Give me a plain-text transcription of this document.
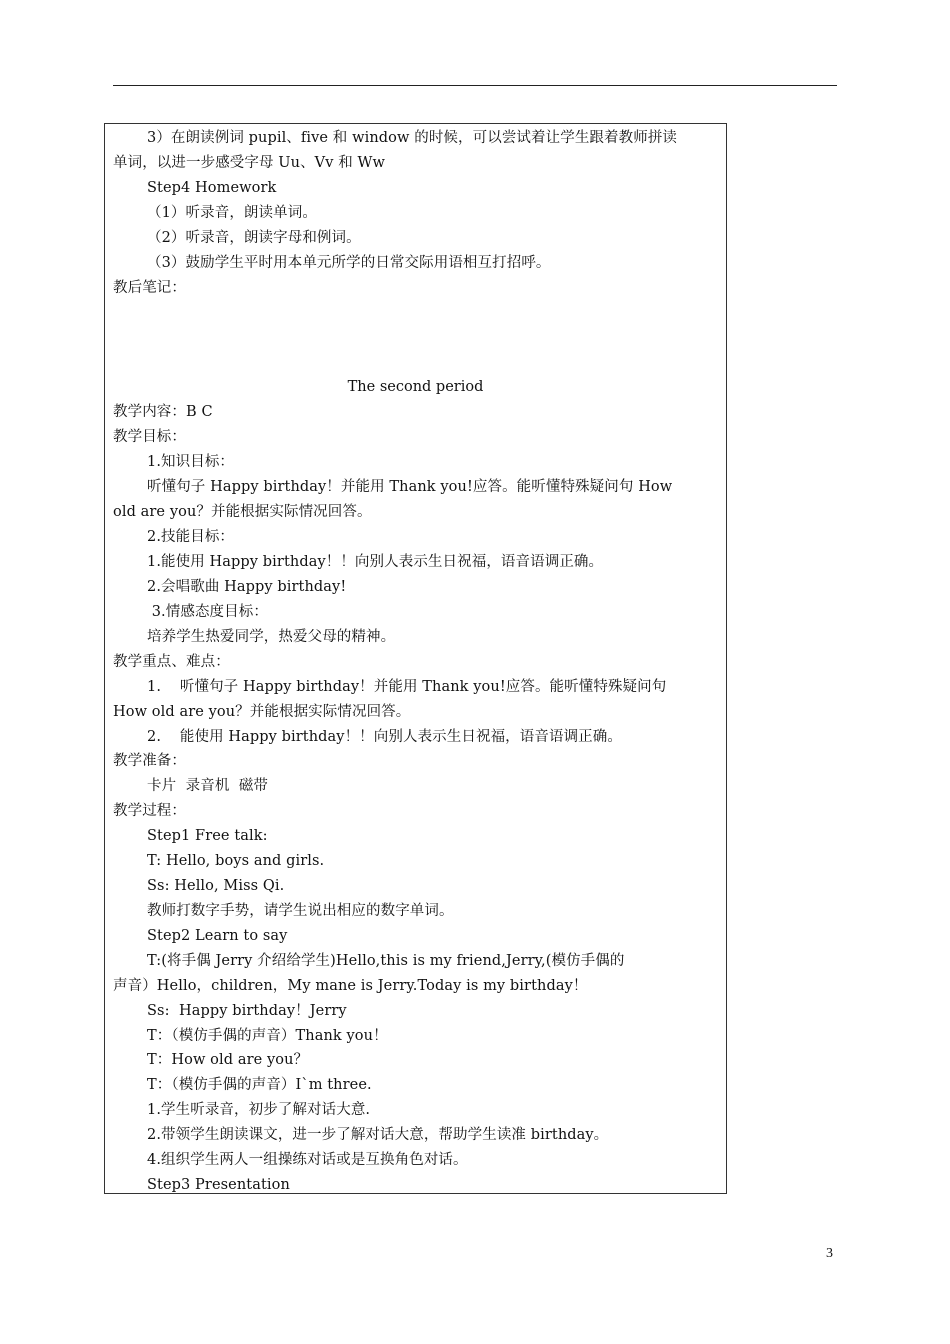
3）在朗读例词 pupil、five 和 window 的时候，可以尝试着让学生跟着教师拼读
单词，以进一步感受字母 Uu、Vv 和 Ww
Step4 Homework
（1）听录音，朗读单词。
（2）听录音，朗读字母和例词。
（3）鼓励学生平时用本单元所学的日常交际用语相互打招呼。
教后笔记：
The second period
教学内容：B C
教学目标：
1.知识目标：
听懂句子 Happy birthday！并能用 Thank you!应答。能听懂特殊疑问句 How
old are you？并能根据实际情况回答。
2.技能目标：
1.能使用 Happy birthday！！向别人表示生日祝福，语音语调正确。
2.会唱歌曲 Happy birthday!
3.情感态度目标：
培养学生热爱同学，热爱父母的精神。
教学重点、难点：
1.    听懂句子 Happy birthday！并能用 Thank you!应答。能听懂特殊疑问句
How old are you？并能根据实际情况回答。
2.    能使用 Happy birthday！！向别人表示生日祝福，语音语调正确。
教学准备：
卡片  录音机  磁带
教学过程：
Step1 Free talk:
T: Hello, boys and girls.
Ss: Hello, Miss Qi.
教师打数字手势，请学生说出相应的数字单词。
Step2 Learn to say
T:(将手偶 Jerry 介绍给学生)Hello,this is my friend,Jerry,(模仿手偶的
声音）Hello，children，My mane is Jerry.Today is my birthday！
Ss:  Happy birthday！Jerry
T：（模仿手偶的声音）Thank you！
T：How old are you？
T：（模仿手偶的声音）I`m three.
1.学生听录音，初步了解对话大意.
2.带领学生朗读课文，进一步了解对话大意，帮助学生读准 birthday。
4.组织学生两人一组操练对话或是互换角色对话。
Step3 Presentation
3
